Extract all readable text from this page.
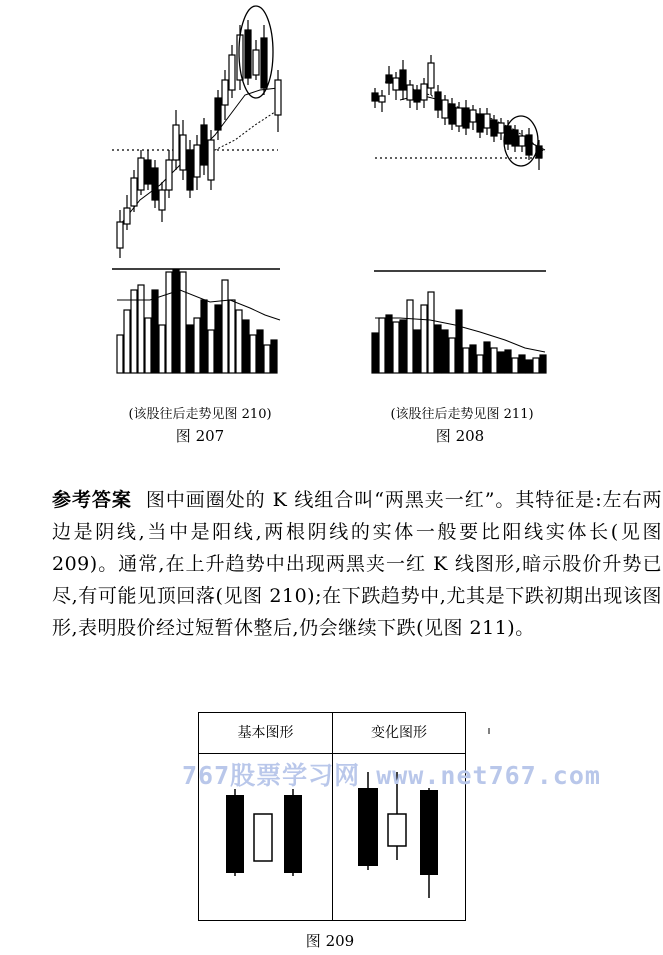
(该股往后走势见图 210)
图 207
(该股往后走势见图 211)
图 208
参考答案 图中画圈处的 K 线组合叫“两黑夹一红”。其特征是:左右两边是阴线,当中是阳线,两根阴线的实体一般要比阳线实体长(见图 209)。通常,在上升趋势中出现两黑夹一红 K 线图形,暗示股价升势已尽,有可能见顶回落(见图 210);在下跌趋势中,尤其是下跌初期出现该图形,表明股价经过短暂休整后,仍会继续下跌(见图 211)。
基本图形	变化图形
767股票学习网 www.net767.com
图 209
